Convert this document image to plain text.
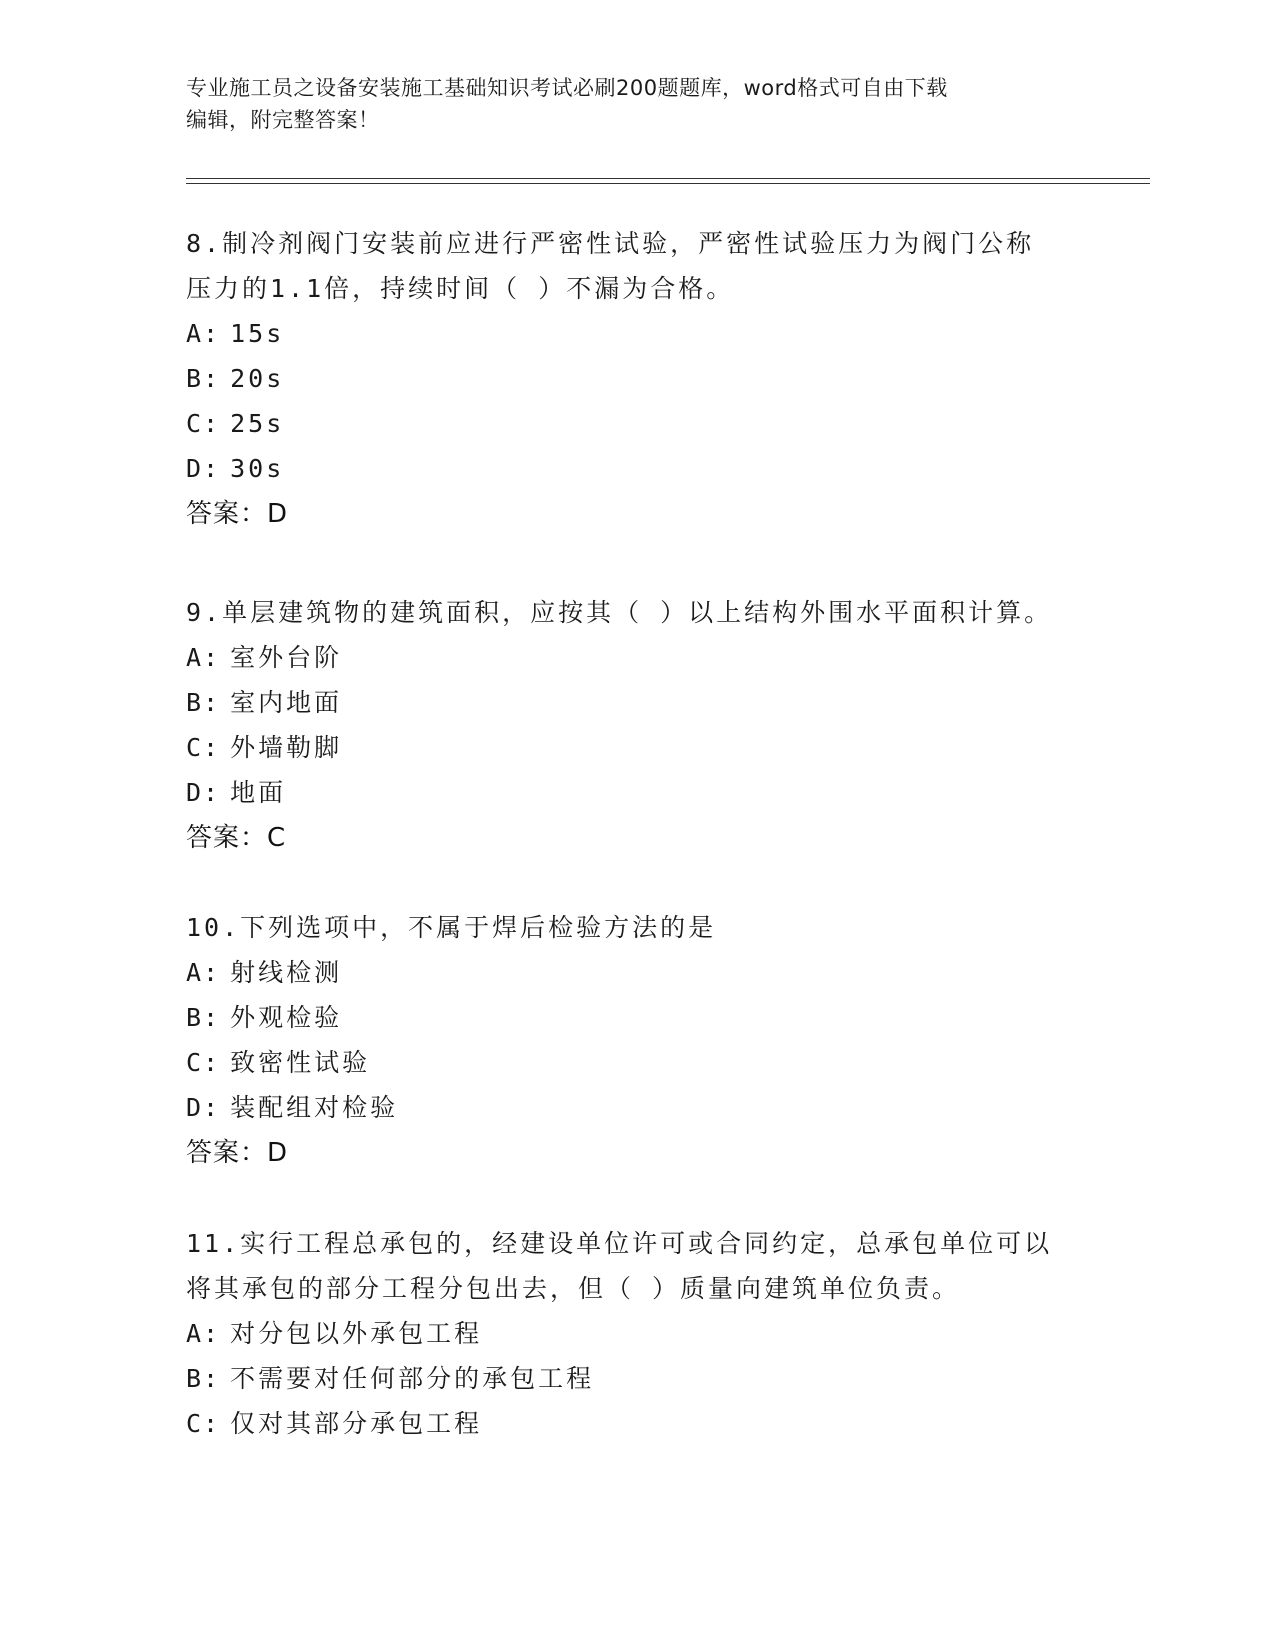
专业施工员之设备安装施工基础知识考试必刷200题题库，word格式可自由下载
编辑，附完整答案！

8.制冷剂阀门安装前应进行严密性试验，严密性试验压力为阀门公称

压力的1.1倍，持续时间（ ）不漏为合格。

A: 15s

B: 20s

C: 25s

D: 30s

答案：D

9.单层建筑物的建筑面积，应按其（ ）以上结构外围水平面积计算。

A: 室外台阶

B: 室内地面

C: 外墙勒脚

D: 地面

答案：C

10.下列选项中，不属于焊后检验方法的是

A: 射线检测

B: 外观检验

C: 致密性试验

D: 装配组对检验

答案：D

11.实行工程总承包的，经建设单位许可或合同约定，总承包单位可以

将其承包的部分工程分包出去，但（ ）质量向建筑单位负责。

A: 对分包以外承包工程

B: 不需要对任何部分的承包工程

C: 仅对其部分承包工程
